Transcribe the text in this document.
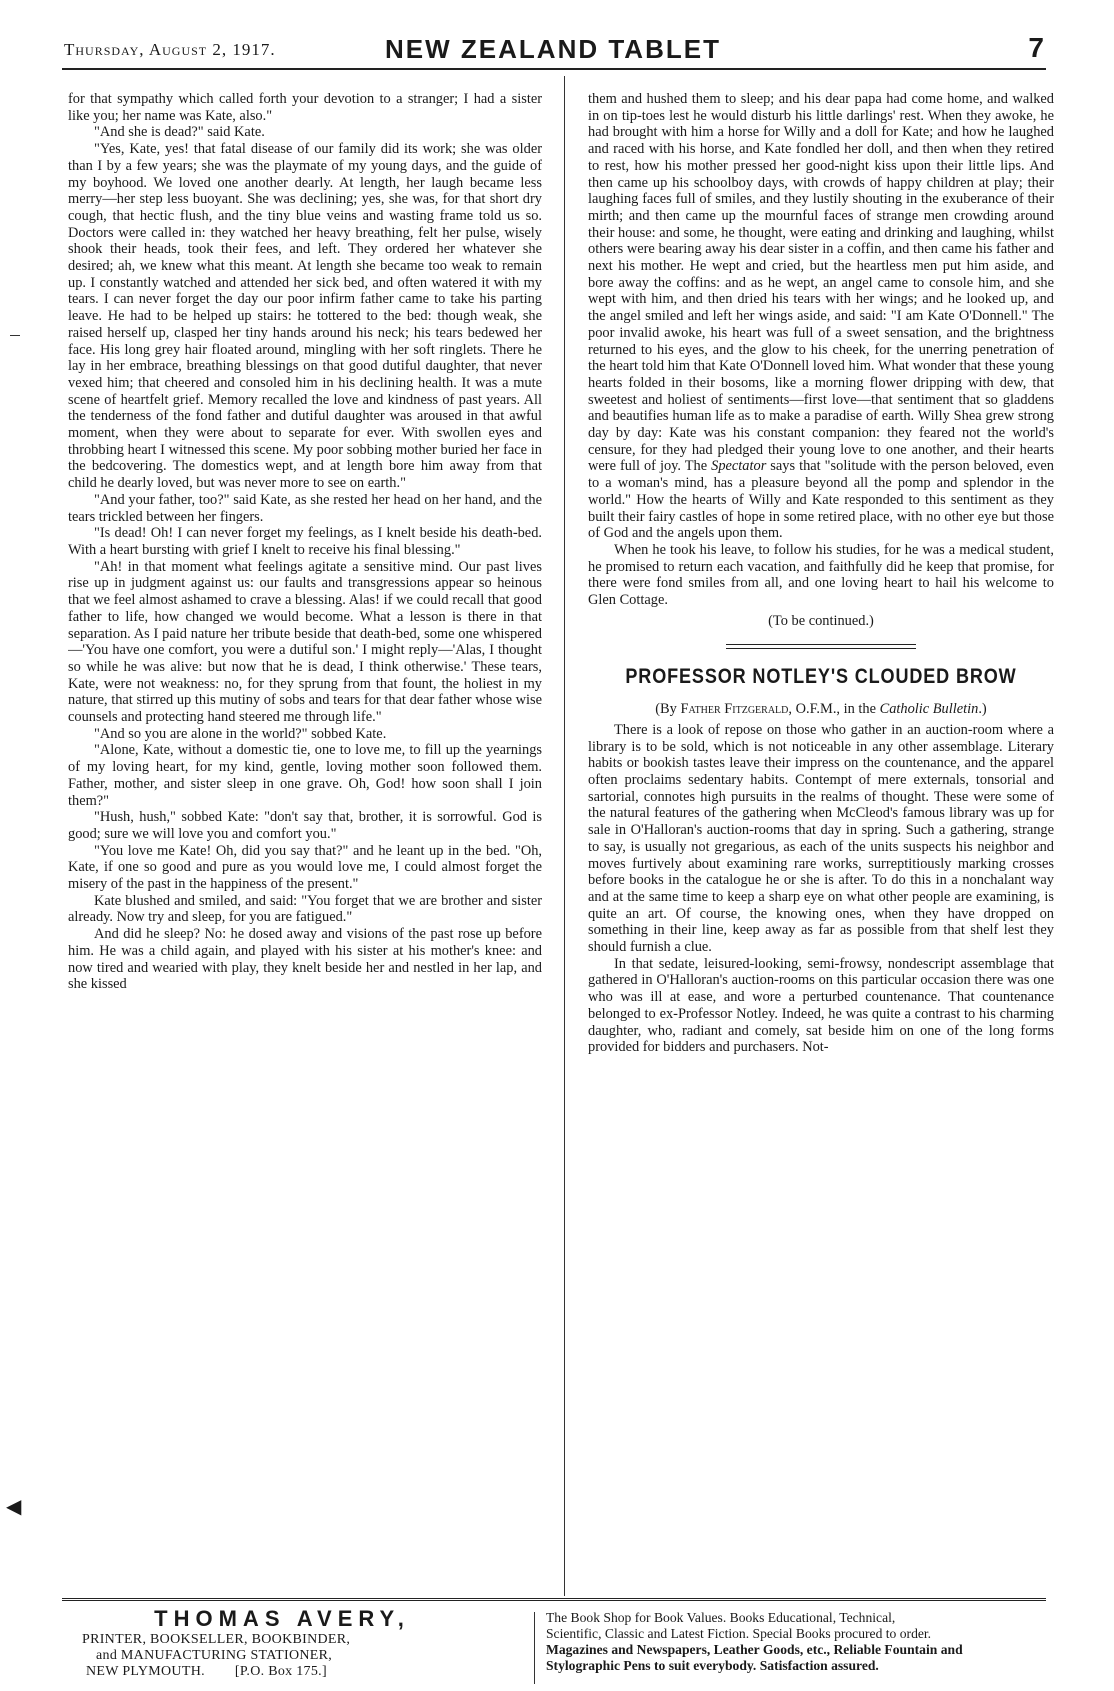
Thursday, August 2, 1917.	NEW ZEALAND TABLET	7

for that sympathy which called forth your devotion to a stranger; I had a sister like you; her name was Kate, also."

"And she is dead?" said Kate.

"Yes, Kate, yes! that fatal disease of our family did its work; she was older than I by a few years; she was the playmate of my young days, and the guide of my boyhood. We loved one another dearly. At length, her laugh became less merry—her step less buoyant. She was declining; yes, she was, for that short dry cough, that hectic flush, and the tiny blue veins and wasting frame told us so. Doctors were called in: they watched her heavy breathing, felt her pulse, wisely shook their heads, took their fees, and left. They ordered her whatever she desired; ah, we knew what this meant. At length she became too weak to remain up. I constantly watched and attended her sick bed, and often watered it with my tears. I can never forget the day our poor infirm father came to take his parting leave. He had to be helped up stairs: he tottered to the bed: though weak, she raised herself up, clasped her tiny hands around his neck; his tears bedewed her face. His long grey hair floated around, mingling with her soft ringlets. There he lay in her embrace, breathing blessings on that good dutiful daughter, that never vexed him; that cheered and consoled him in his declining health. It was a mute scene of heartfelt grief. Memory recalled the love and kindness of past years. All the tenderness of the fond father and dutiful daughter was aroused in that awful moment, when they were about to separate for ever. With swollen eyes and throbbing heart I witnessed this scene. My poor sobbing mother buried her face in the bedcovering. The domestics wept, and at length bore him away from that child he dearly loved, but was never more to see on earth."

"And your father, too?" said Kate, as she rested her head on her hand, and the tears trickled between her fingers.

"Is dead! Oh! I can never forget my feelings, as I knelt beside his death-bed. With a heart bursting with grief I knelt to receive his final blessing."

"Ah! in that moment what feelings agitate a sensitive mind. Our past lives rise up in judgment against us: our faults and transgressions appear so heinous that we feel almost ashamed to crave a blessing. Alas! if we could recall that good father to life, how changed we would become. What a lesson is there in that separation. As I paid nature her tribute beside that death-bed, some one whispered —'You have one comfort, you were a dutiful son.' I might reply—'Alas, I thought so while he was alive: but now that he is dead, I think otherwise.' These tears, Kate, were not weakness: no, for they sprung from that fount, the holiest in my nature, that stirred up this mutiny of sobs and tears for that dear father whose wise counsels and protecting hand steered me through life."

"And so you are alone in the world?" sobbed Kate.

"Alone, Kate, without a domestic tie, one to love me, to fill up the yearnings of my loving heart, for my kind, gentle, loving mother soon followed them. Father, mother, and sister sleep in one grave. Oh, God! how soon shall I join them?"

"Hush, hush," sobbed Kate: "don't say that, brother, it is sorrowful. God is good; sure we will love you and comfort you."

"You love me Kate! Oh, did you say that?" and he leant up in the bed. "Oh, Kate, if one so good and pure as you would love me, I could almost forget the misery of the past in the happiness of the present."

Kate blushed and smiled, and said: "You forget that we are brother and sister already. Now try and sleep, for you are fatigued."

And did he sleep? No: he dosed away and visions of the past rose up before him. He was a child again, and played with his sister at his mother's knee: and now tired and wearied with play, they knelt beside her and nestled in her lap, and she kissed

them and hushed them to sleep; and his dear papa had come home, and walked in on tip-toes lest he would disturb his little darlings' rest. When they awoke, he had brought with him a horse for Willy and a doll for Kate; and how he laughed and raced with his horse, and Kate fondled her doll, and then when they retired to rest, how his mother pressed her good-night kiss upon their little lips. And then came up his schoolboy days, with crowds of happy children at play; their laughing faces full of smiles, and they lustily shouting in the exuberance of their mirth; and then came up the mournful faces of strange men crowding around their house: and some, he thought, were eating and drinking and laughing, whilst others were bearing away his dear sister in a coffin, and then came his father and next his mother. He wept and cried, but the heartless men put him aside, and bore away the coffins: and as he wept, an angel came to console him, and she wept with him, and then dried his tears with her wings; and he looked up, and the angel smiled and left her wings aside, and said: "I am Kate O'Donnell." The poor invalid awoke, his heart was full of a sweet sensation, and the brightness returned to his eyes, and the glow to his cheek, for the unerring penetration of the heart told him that Kate O'Donnell loved him. What wonder that these young hearts folded in their bosoms, like a morning flower dripping with dew, that sweetest and holiest of sentiments—first love—that sentiment that so gladdens and beautifies human life as to make a paradise of earth. Willy Shea grew strong day by day: Kate was his constant companion: they feared not the world's censure, for they had pledged their young love to one another, and their hearts were full of joy. The Spectator says that "solitude with the person beloved, even to a woman's mind, has a pleasure beyond all the pomp and splendor in the world." How the hearts of Willy and Kate responded to this sentiment as they built their fairy castles of hope in some retired place, with no other eye but those of God and the angels upon them.

When he took his leave, to follow his studies, for he was a medical student, he promised to return each vacation, and faithfully did he keep that promise, for there were fond smiles from all, and one loving heart to hail his welcome to Glen Cottage.

(To be continued.)

PROFESSOR NOTLEY'S CLOUDED BROW

(By Father Fitzgerald, O.F.M., in the Catholic Bulletin.)

There is a look of repose on those who gather in an auction-room where a library is to be sold, which is not noticeable in any other assemblage. Literary habits or bookish tastes leave their impress on the countenance, and the apparel often proclaims sedentary habits. Contempt of mere externals, tonsorial and sartorial, connotes high pursuits in the realms of thought. These were some of the natural features of the gathering when McCleod's famous library was up for sale in O'Halloran's auction-rooms that day in spring. Such a gathering, strange to say, is usually not gregarious, as each of the units suspects his neighbor and moves furtively about examining rare works, surreptitiously marking crosses before books in the catalogue he or she is after. To do this in a nonchalant way and at the same time to keep a sharp eye on what other people are examining, is quite an art. Of course, the knowing ones, when they have dropped on something in their line, keep away as far as possible from that shelf lest they should furnish a clue.

In that sedate, leisured-looking, semi-frowsy, nondescript assemblage that gathered in O'Halloran's auction-rooms on this particular occasion there was one who was ill at ease, and wore a perturbed countenance. That countenance belonged to ex-Professor Notley. Indeed, he was quite a contrast to his charming daughter, who, radiant and comely, sat beside him on one of the long forms provided for bidders and purchasers. Not-

◀
THOMAS AVERY,
PRINTER, BOOKSELLER, BOOKBINDER,
and MANUFACTURING STATIONER,
NEW PLYMOUTH. [P.O. Box 175.]
The Book Shop for Book Values. Books Educational, Technical,
Scientific, Classic and Latest Fiction. Special Books procured to order.
Magazines and Newspapers, Leather Goods, etc., Reliable Fountain and
Stylographic Pens to suit everybody. Satisfaction assured.
